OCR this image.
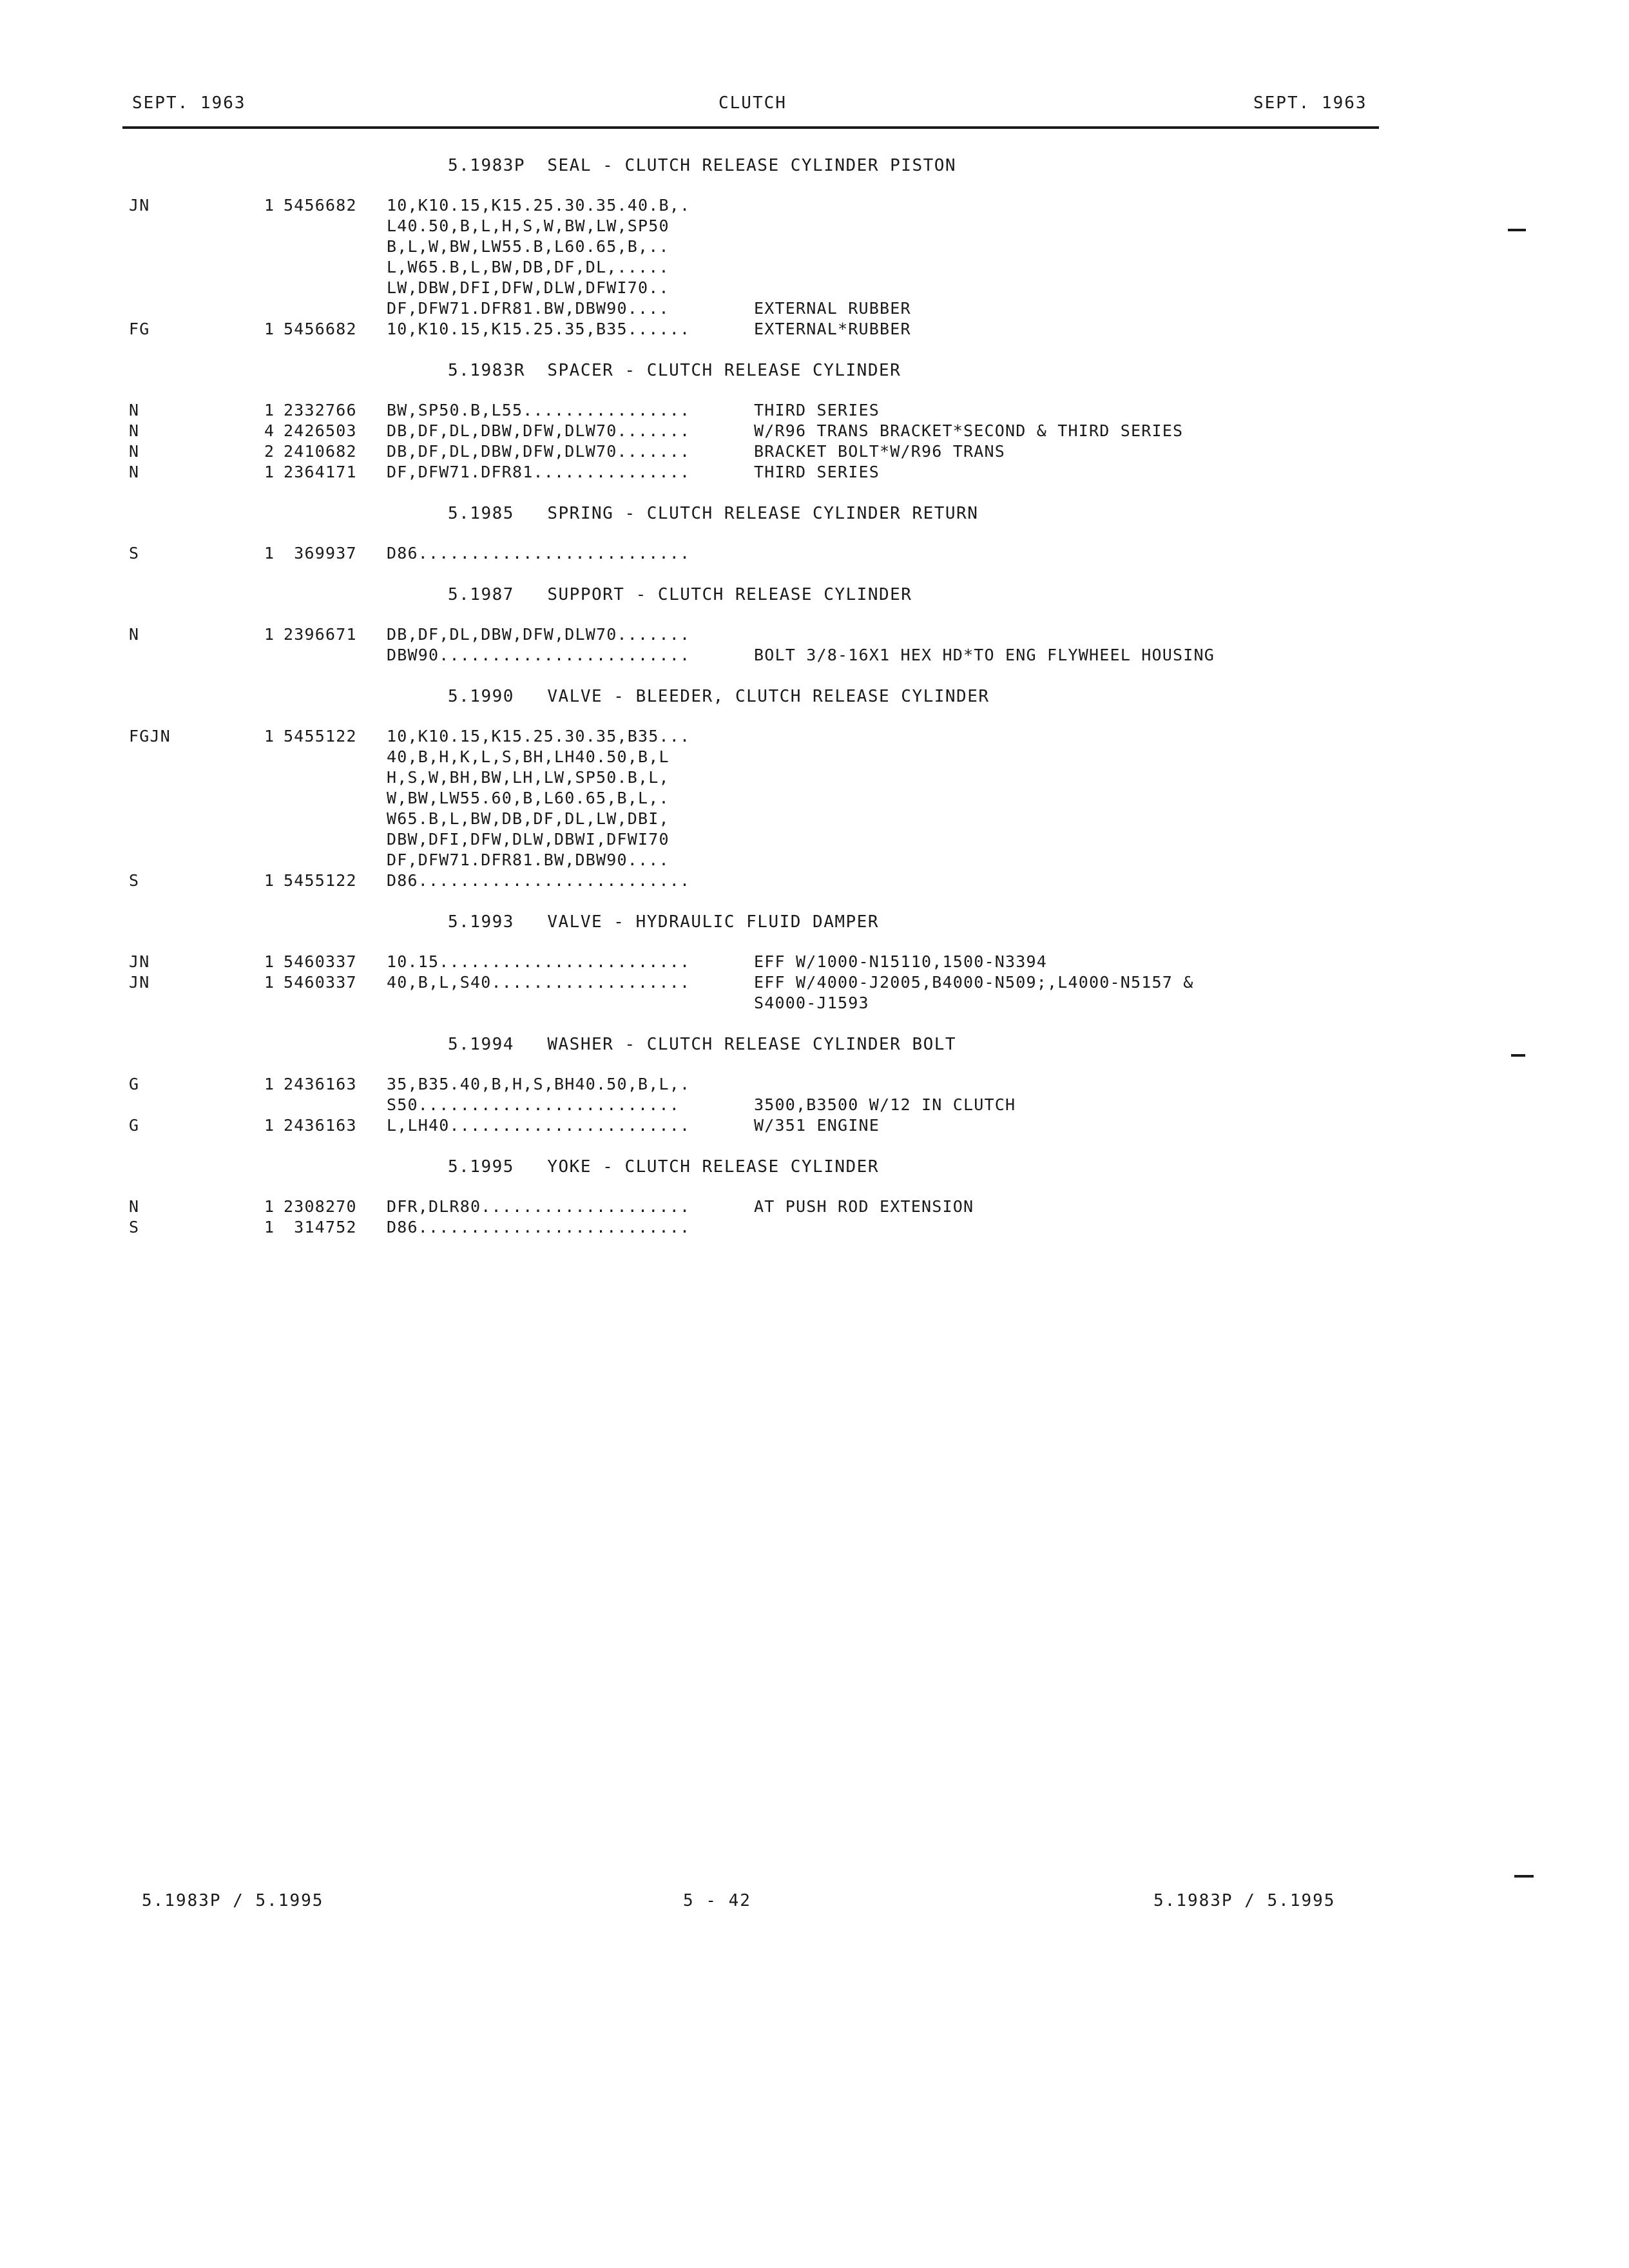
SEPT. 1963	CLUTCH	SEPT. 1963
5.1983P  SEAL - CLUTCH RELEASE CYLINDER PISTON
JN	1 5456682 10,K10.15,K15.25.30.35.40.B,.
L40.50,B,L,H,S,W,BW,LW,SP50
B,L,W,BW,LW55.B,L60.65,B,..
L,W65.B,L,BW,DB,DF,DL,.....
LW,DBW,DFI,DFW,DLW,DFWI70..
DF,DFW71.DFR81.BW,DBW90....	EXTERNAL RUBBER
FG	1 5456682 10,K10.15,K15.25.35,B35......	EXTERNAL*RUBBER
5.1983R  SPACER - CLUTCH RELEASE CYLINDER
N	1 2332766 BW,SP50.B,L55................	THIRD SERIES
N	4 2426503 DB,DF,DL,DBW,DFW,DLW70.......	W/R96 TRANS BRACKET*SECOND & THIRD SERIES
N	2 2410682 DB,DF,DL,DBW,DFW,DLW70.......	BRACKET BOLT*W/R96 TRANS
N	1 2364171 DF,DFW71.DFR81...............	THIRD SERIES
5.1985   SPRING - CLUTCH RELEASE CYLINDER RETURN
S	1 369937 D86..........................
5.1987   SUPPORT - CLUTCH RELEASE CYLINDER
N	1 2396671 DB,DF,DL,DBW,DFW,DLW70.......
DBW90........................	BOLT 3/8-16X1 HEX HD*TO ENG FLYWHEEL HOUSING
5.1990   VALVE - BLEEDER, CLUTCH RELEASE CYLINDER
FGJN	1 5455122 10,K10.15,K15.25.30.35,B35...
40,B,H,K,L,S,BH,LH40.50,B,L
H,S,W,BH,BW,LH,LW,SP50.B,L,
W,BW,LW55.60,B,L60.65,B,L,.
W65.B,L,BW,DB,DF,DL,LW,DBI,
DBW,DFI,DFW,DLW,DBWI,DFWI70
DF,DFW71.DFR81.BW,DBW90....
S	1 5455122 D86..........................
5.1993   VALVE - HYDRAULIC FLUID DAMPER
JN	1 5460337 10.15........................	EFF W/1000-N15110,1500-N3394
JN	1 5460337 40,B,L,S40...................	EFF W/4000-J2005,B4000-N509;,L4000-N5157 &
S4000-J1593
5.1994   WASHER - CLUTCH RELEASE CYLINDER BOLT
G	1 2436163 35,B35.40,B,H,S,BH40.50,B,L,.
S50.........................	3500,B3500 W/12 IN CLUTCH
G	1 2436163 L,LH40.......................	W/351 ENGINE
5.1995   YOKE - CLUTCH RELEASE CYLINDER
N	1 2308270 DFR,DLR80....................	AT PUSH ROD EXTENSION
S	1 314752 D86..........................
5.1983P / 5.1995	5 - 42	5.1983P / 5.1995
